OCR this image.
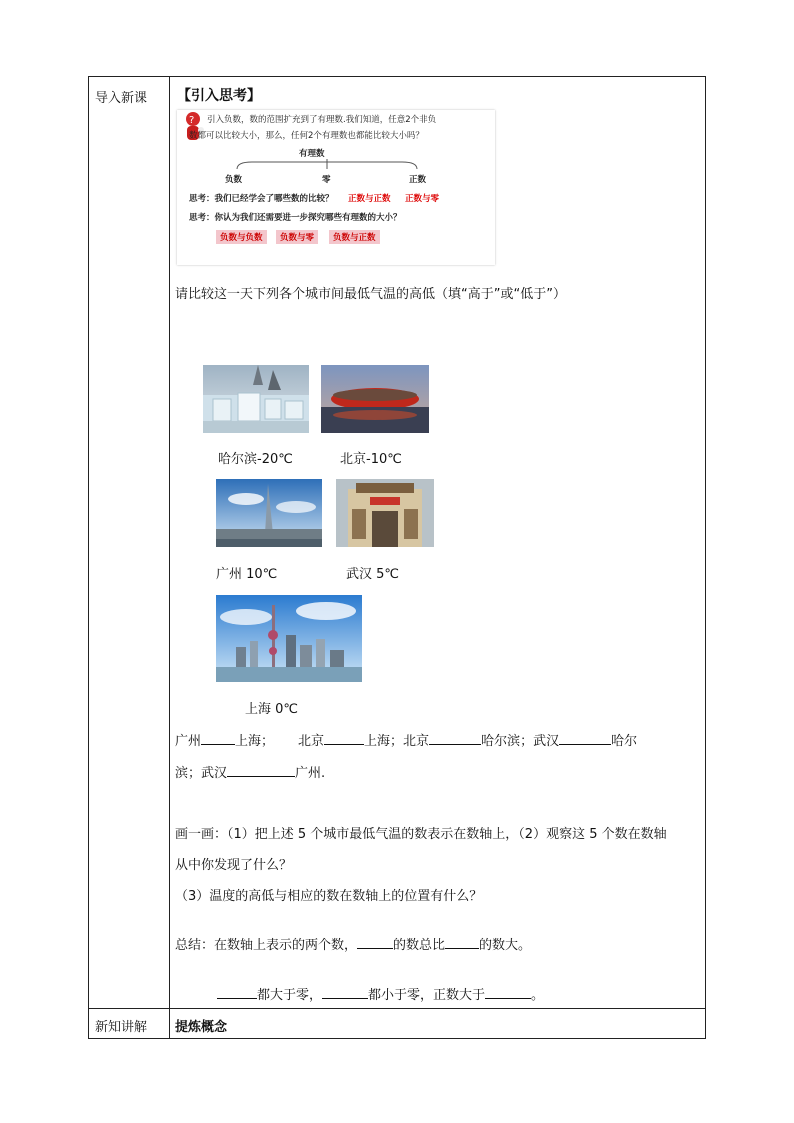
导入新课 【引入思考】
? 引入负数，数的范围扩充到了有理数.我们知道，任意2个非负
数都可以比较大小，那么，任何2个有理数也都能比较大小吗？
有理数
负数	零	正数
思考：我们已经学会了哪些数的比较？ 正数与正数 正数与零
思考：你认为我们还需要进一步探究哪些有理数的大小？
负数与负数	负数与零	负数与正数
请比较这一天下列各个城市间最低气温的高低（填“高于”或“低于”）
哈尔滨-20℃	北京-10℃
广州 10℃	武汉 5℃
上海 0℃
广州	上海； 北京	上海；北京	哈尔滨；武汉	哈尔
滨；武汉	广州.
画一画：（1）把上述 5 个城市最低气温的数表示在数轴上，（2）观察这 5 个数在数轴
从中你发现了什么？
（3）温度的高低与相应的数在数轴上的位置有什么？
总结：在数轴上表示的两个数，	的数总比	的数大。
都大于零，	都小于零，正数大于	。
新知讲解 提炼概念
